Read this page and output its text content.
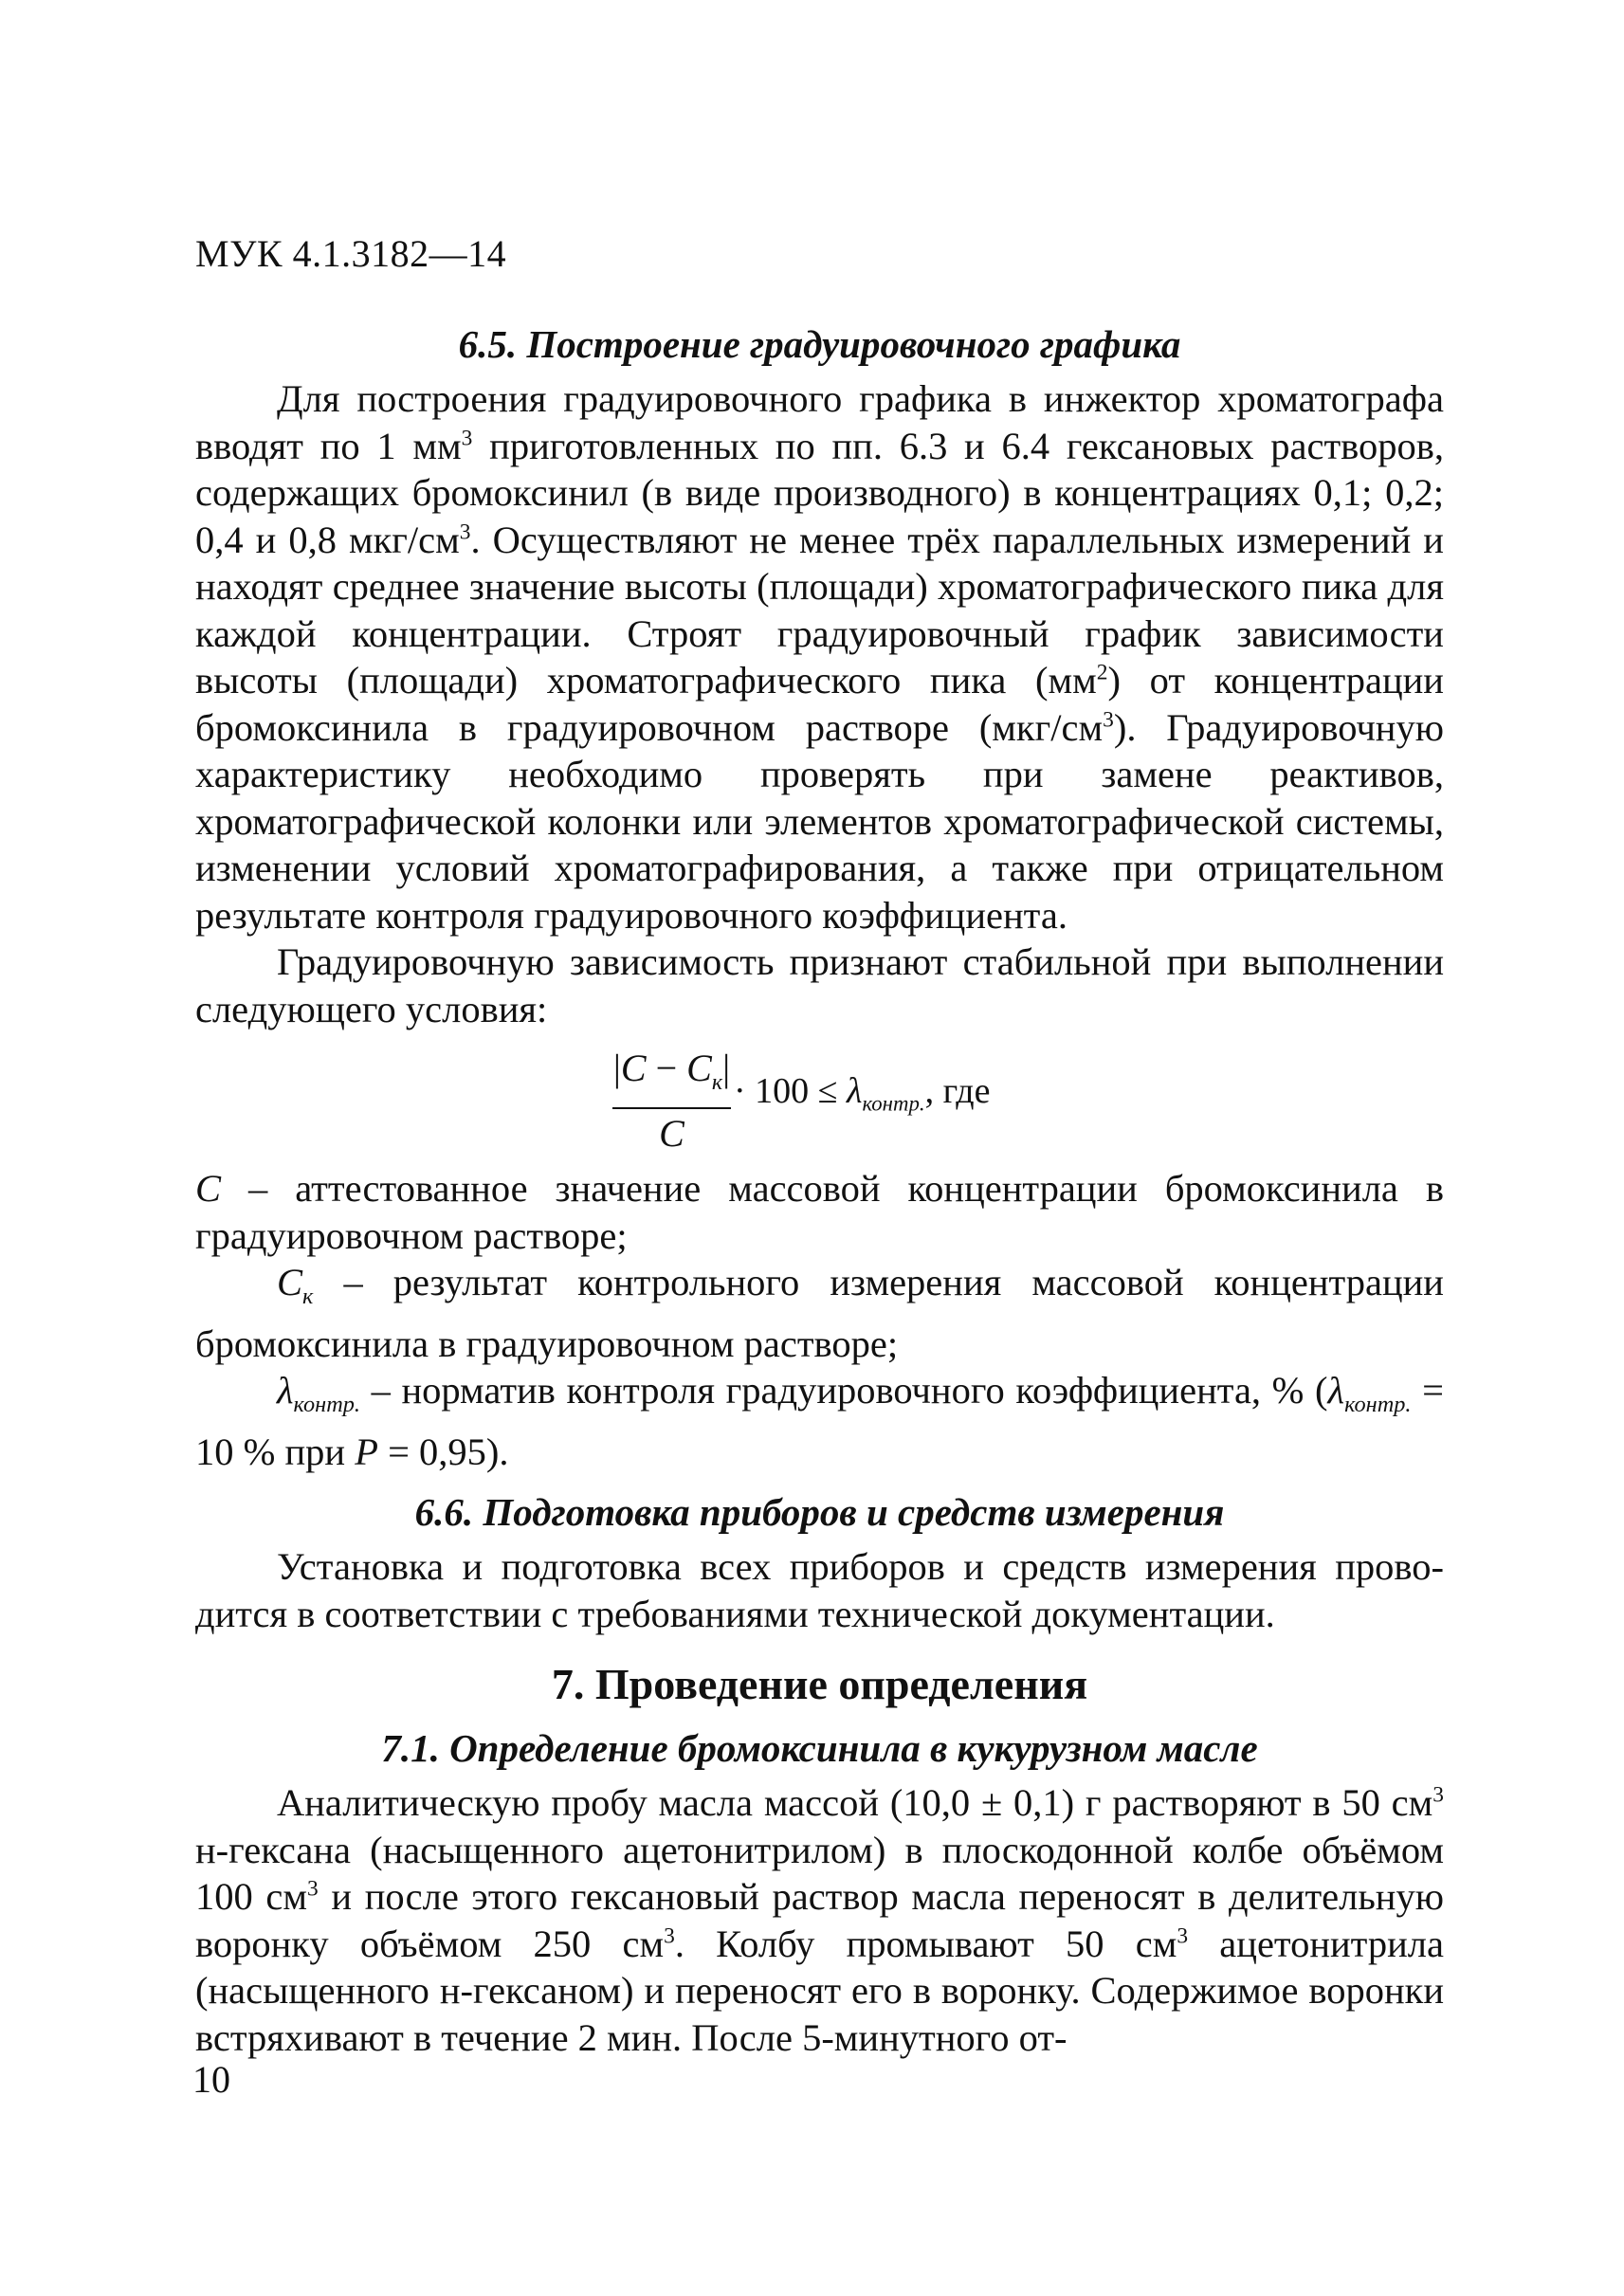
МУК 4.1.3182—14
6.5. Построение градуировочного графика

Для построения градуировочного графика в инжектор хроматографа вводят по 1 $мм^3$ приготовленных по пп. 6.3 и 6.4 гексановых растворов, содержащих бромоксинил (в виде производного) в концентрациях 0,1; 0,2; 0,4 и 0,8 мкг/$см^3$. Осуществляют не менее трёх параллельных измерений и находят среднее значение высоты (площади) хроматографического пика для каждой концентрации. Строят градуировочный график зависимости высоты (площади) хроматографического пика $(мм^2)$ от концентрации бромоксинила в градуировочном растворе $(мкг/см^3)$. Градуировочную характеристику необходимо проверять при замене реактивов, хроматографической колонки или элементов хроматографической системы, изменении условий хроматографирования, а также при отрицательном результате контроля градуировочного коэффициента.

Градуировочную зависимость признают стабильной при выполнении следующего условия:

$|C - C_к|$
C
· $100 \le \lambda_{контр.}$, где

C – аттестованное значение массовой концентрации бромоксинила в градуировочном растворе;

$C_к$ – результат контрольного измерения массовой концентрации бромоксинила в градуировочном растворе;

$\lambda_{контр.}$ – норматив контроля градуировочного коэффициента, % ($\lambda_{контр.} = 10$ % при P = 0,95).

6.6. Подготовка приборов и средств измерения

Установка и подготовка всех приборов и средств измерения проводится в соответствии с требованиями технической документации.

7. Проведение определения
7.1. Определение бромоксинила в кукурузном масле

Аналитическую пробу масла массой (10,0 ± 0,1) г растворяют в 50 $см^3$ н-гексана (насыщенного ацетонитрилом) в плоскодонной колбе объёмом 100 $см^3$ и после этого гексановый раствор масла переносят в делительную воронку объёмом 250 $см^3$. Колбу промывают 50 $см^3$ ацетонитрила (насыщенного н-гексаном) и переносят его в воронку. Содержимое воронки встряхивают в течение 2 мин. После 5-минутного от-

10
